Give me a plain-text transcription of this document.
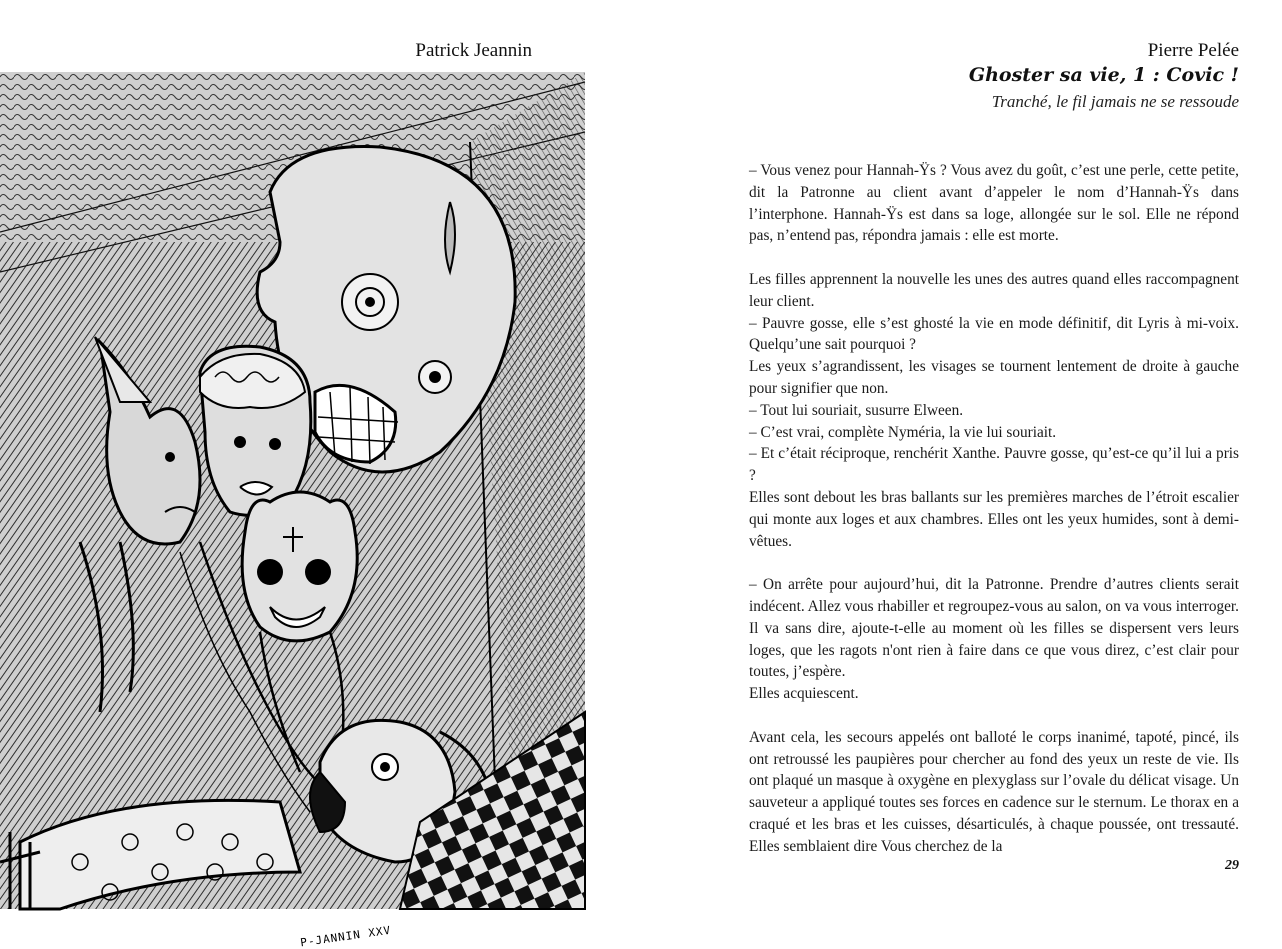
Patrick Jeannin
P-JANNIN XXV
Pierre Pelée
Ghoster sa vie, 1 : Covic !
Tranché, le fil jamais ne se ressoude

– Vous venez pour Hannah-Ÿs ? Vous avez du goût, c’est une perle, cette petite, dit la Patronne au client avant d’appeler le nom d’Hannah-Ÿs dans l’interphone. Hannah-Ÿs est dans sa loge, allongée sur le sol. Elle ne répond pas, n’entend pas, répondra jamais : elle est morte.

Les filles apprennent la nouvelle les unes des autres quand elles raccompagnent leur client.

– Pauvre gosse, elle s’est ghosté la vie en mode définitif, dit Lyris à mi-voix. Quelqu’une sait pourquoi ?

Les yeux s’agrandissent, les visages se tournent lentement de droite à gauche pour signifier que non.

– Tout lui souriait, susurre Elween.

– C’est vrai, complète Nyméria, la vie lui souriait.

– Et c’était réciproque, renchérit Xanthe. Pauvre gosse, qu’est-ce qu’il lui a pris ?

Elles sont debout les bras ballants sur les premières marches de l’étroit escalier qui monte aux loges et aux chambres. Elles ont les yeux humides, sont à demi-vêtues.

– On arrête pour aujourd’hui, dit la Patronne. Prendre d’autres clients serait indécent. Allez vous rhabiller et regroupez-vous au salon, on va vous interroger. Il va sans dire, ajoute-t-elle au moment où les filles se dispersent vers leurs loges, que les ragots n'ont rien à faire dans ce que vous direz, c’est clair pour toutes, j’espère.

Elles acquiescent.

Avant cela, les secours appelés ont balloté le corps inanimé, tapoté, pincé, ils ont retroussé les paupières pour chercher au fond des yeux un reste de vie. Ils ont plaqué un masque à oxygène en plexyglass sur l’ovale du délicat visage. Un sauveteur a appliqué toutes ses forces en cadence sur le sternum. Le thorax en a craqué et les bras et les cuisses, désarticulés, à chaque poussée, ont tressauté. Elles semblaient dire Vous cherchez de la

29
